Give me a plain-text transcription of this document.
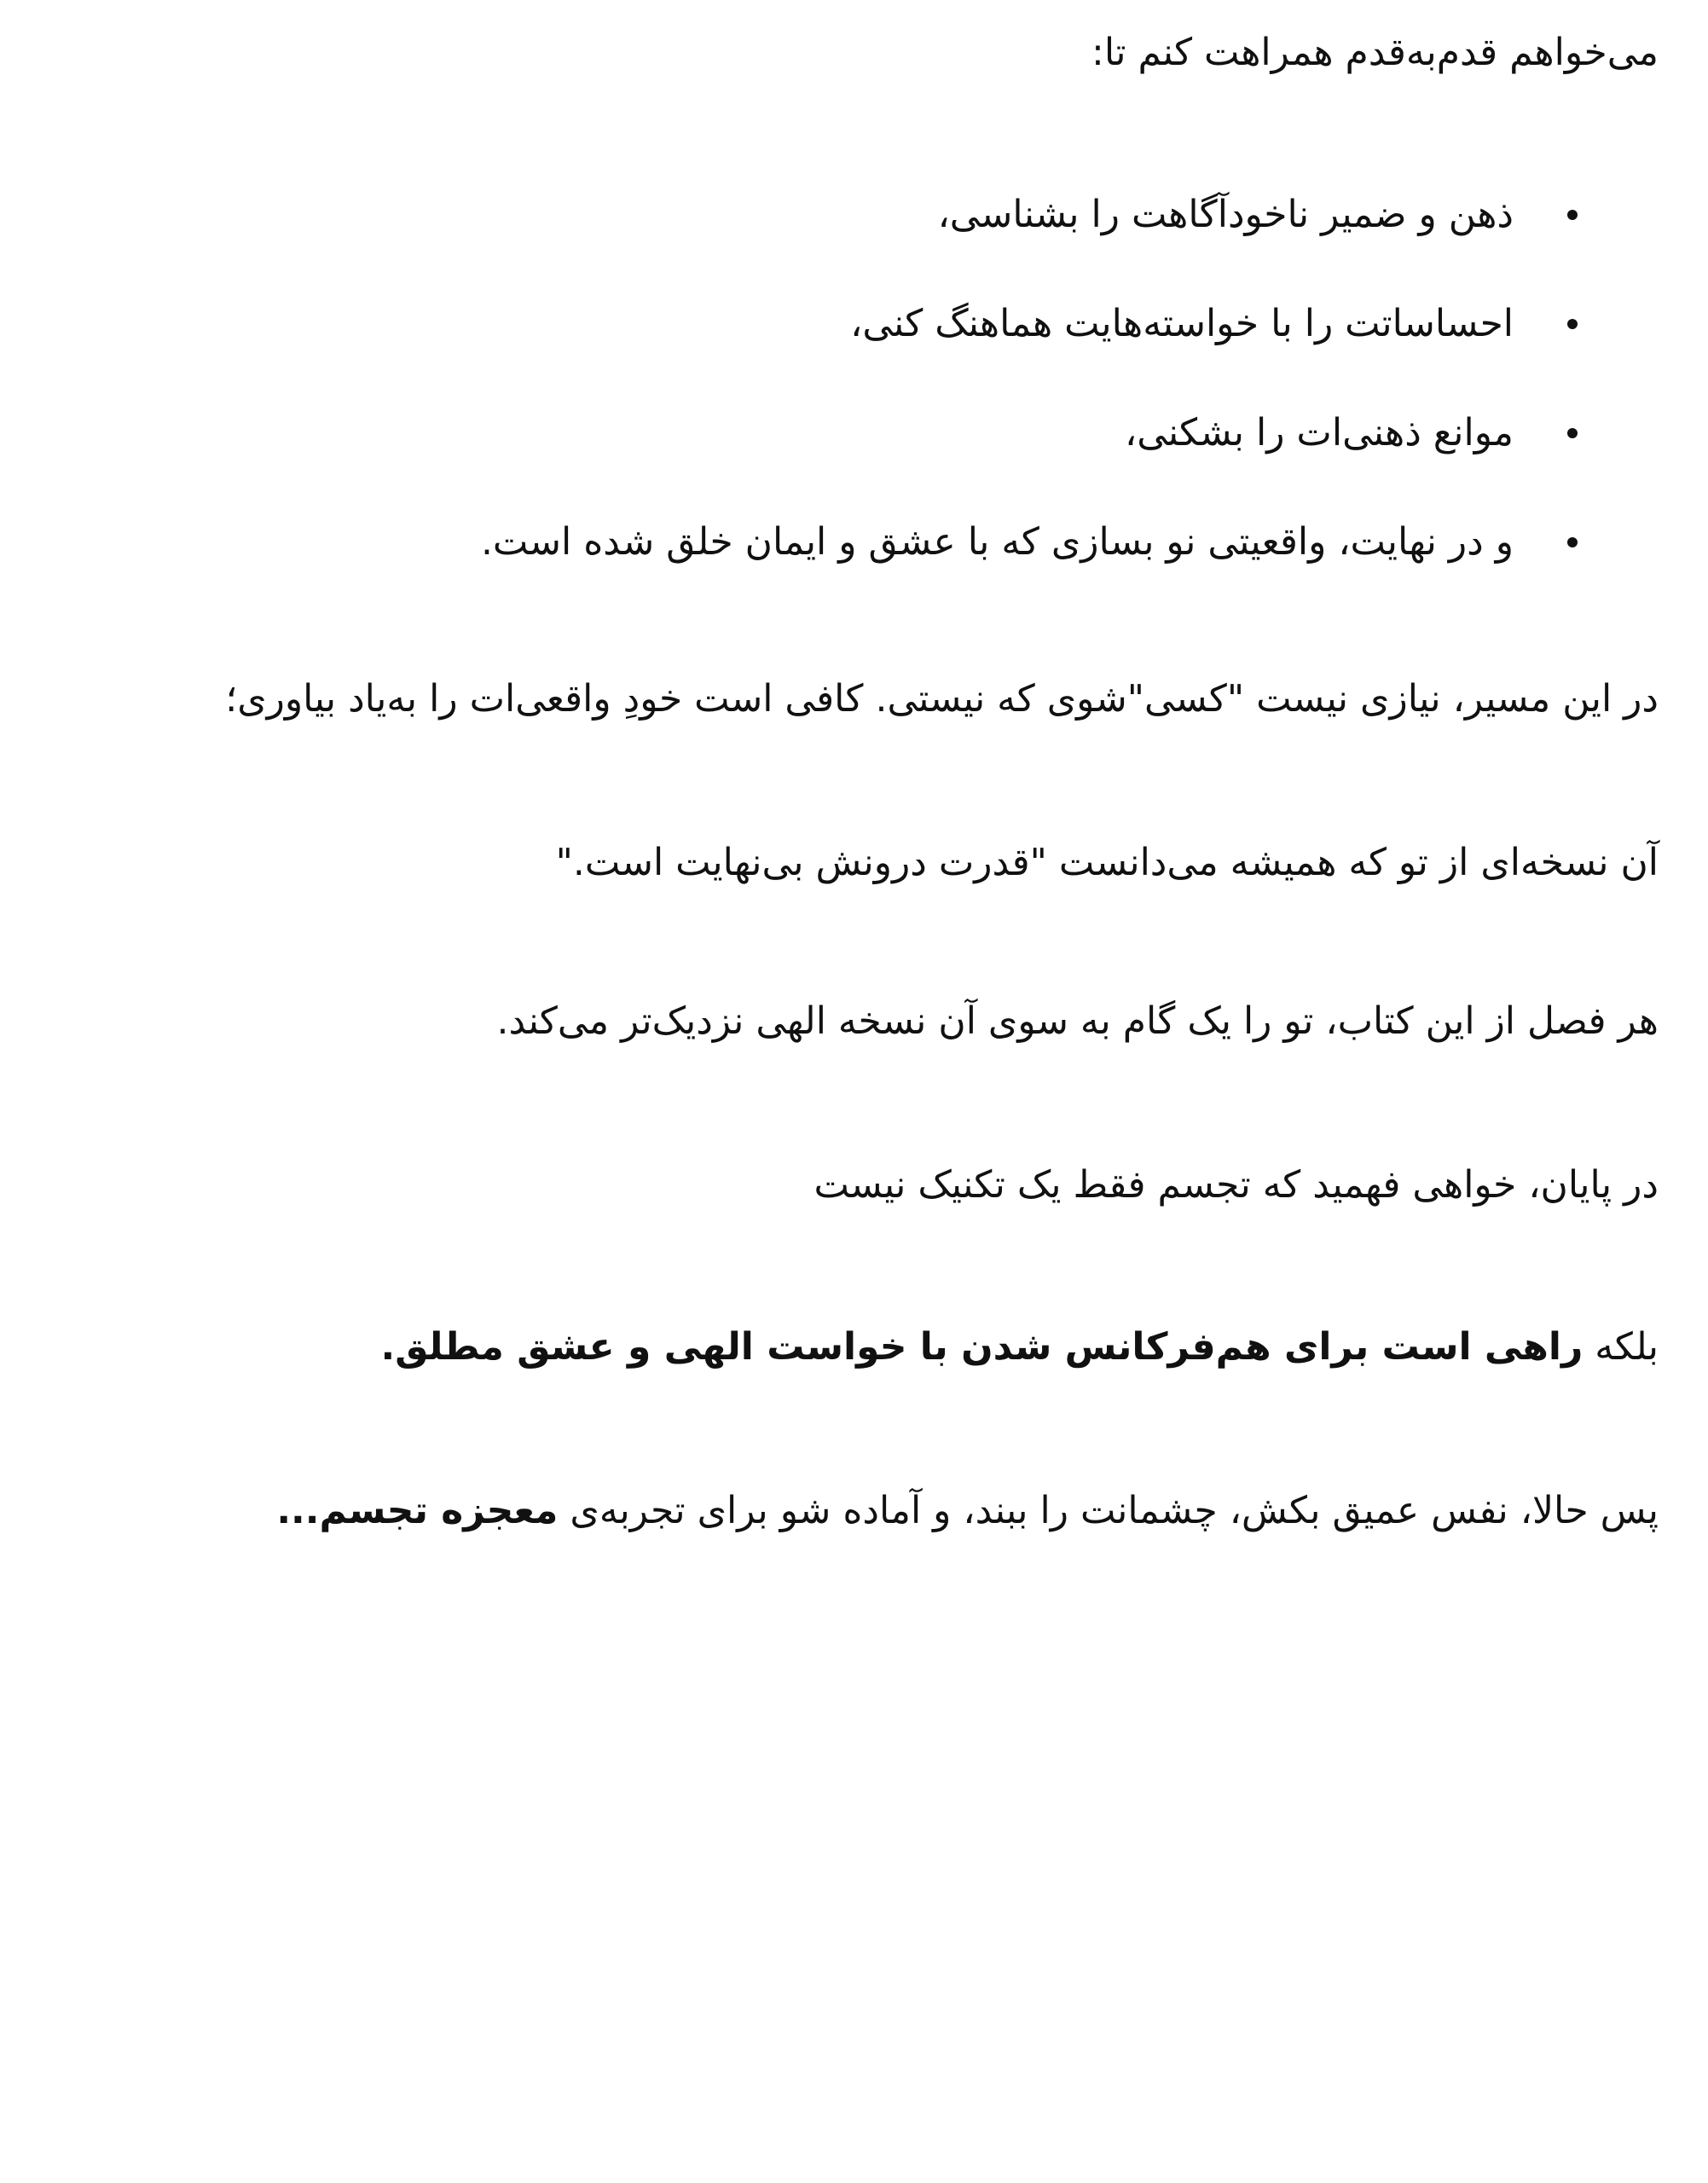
می‌خواهم قدم‌به‌قدم همراهت کنم تا:
ذهن و ضمیر ناخودآگاهت را بشناسی،
احساساتت را با خواسته‌هایت هماهنگ کنی،
موانع ذهنی‌ات را بشکنی،
و در نهایت، واقعیتی نو بسازی که با عشق و ایمان خلق شده است.
در این مسیر، نیازی نیست "کسی"شوی که نیستی. کافی است خودِ واقعی‌ات را به‌یاد بیاوری؛
آن نسخه‌ای از تو که همیشه می‌دانست "قدرت درونش بی‌نهایت است."
هر فصل از این کتاب، تو را یک گام به سوی آن نسخه الهی نزدیک‌تر می‌کند.
در پایان، خواهی فهمید که تجسم فقط یک تکنیک نیست
بلکه راهی است برای هم‌فرکانس شدن با خواست الهی و عشق مطلق.
پس حالا، نفس عمیق بکش، چشمانت را ببند، و آماده شو برای تجربه‌ی معجزه تجسم...
